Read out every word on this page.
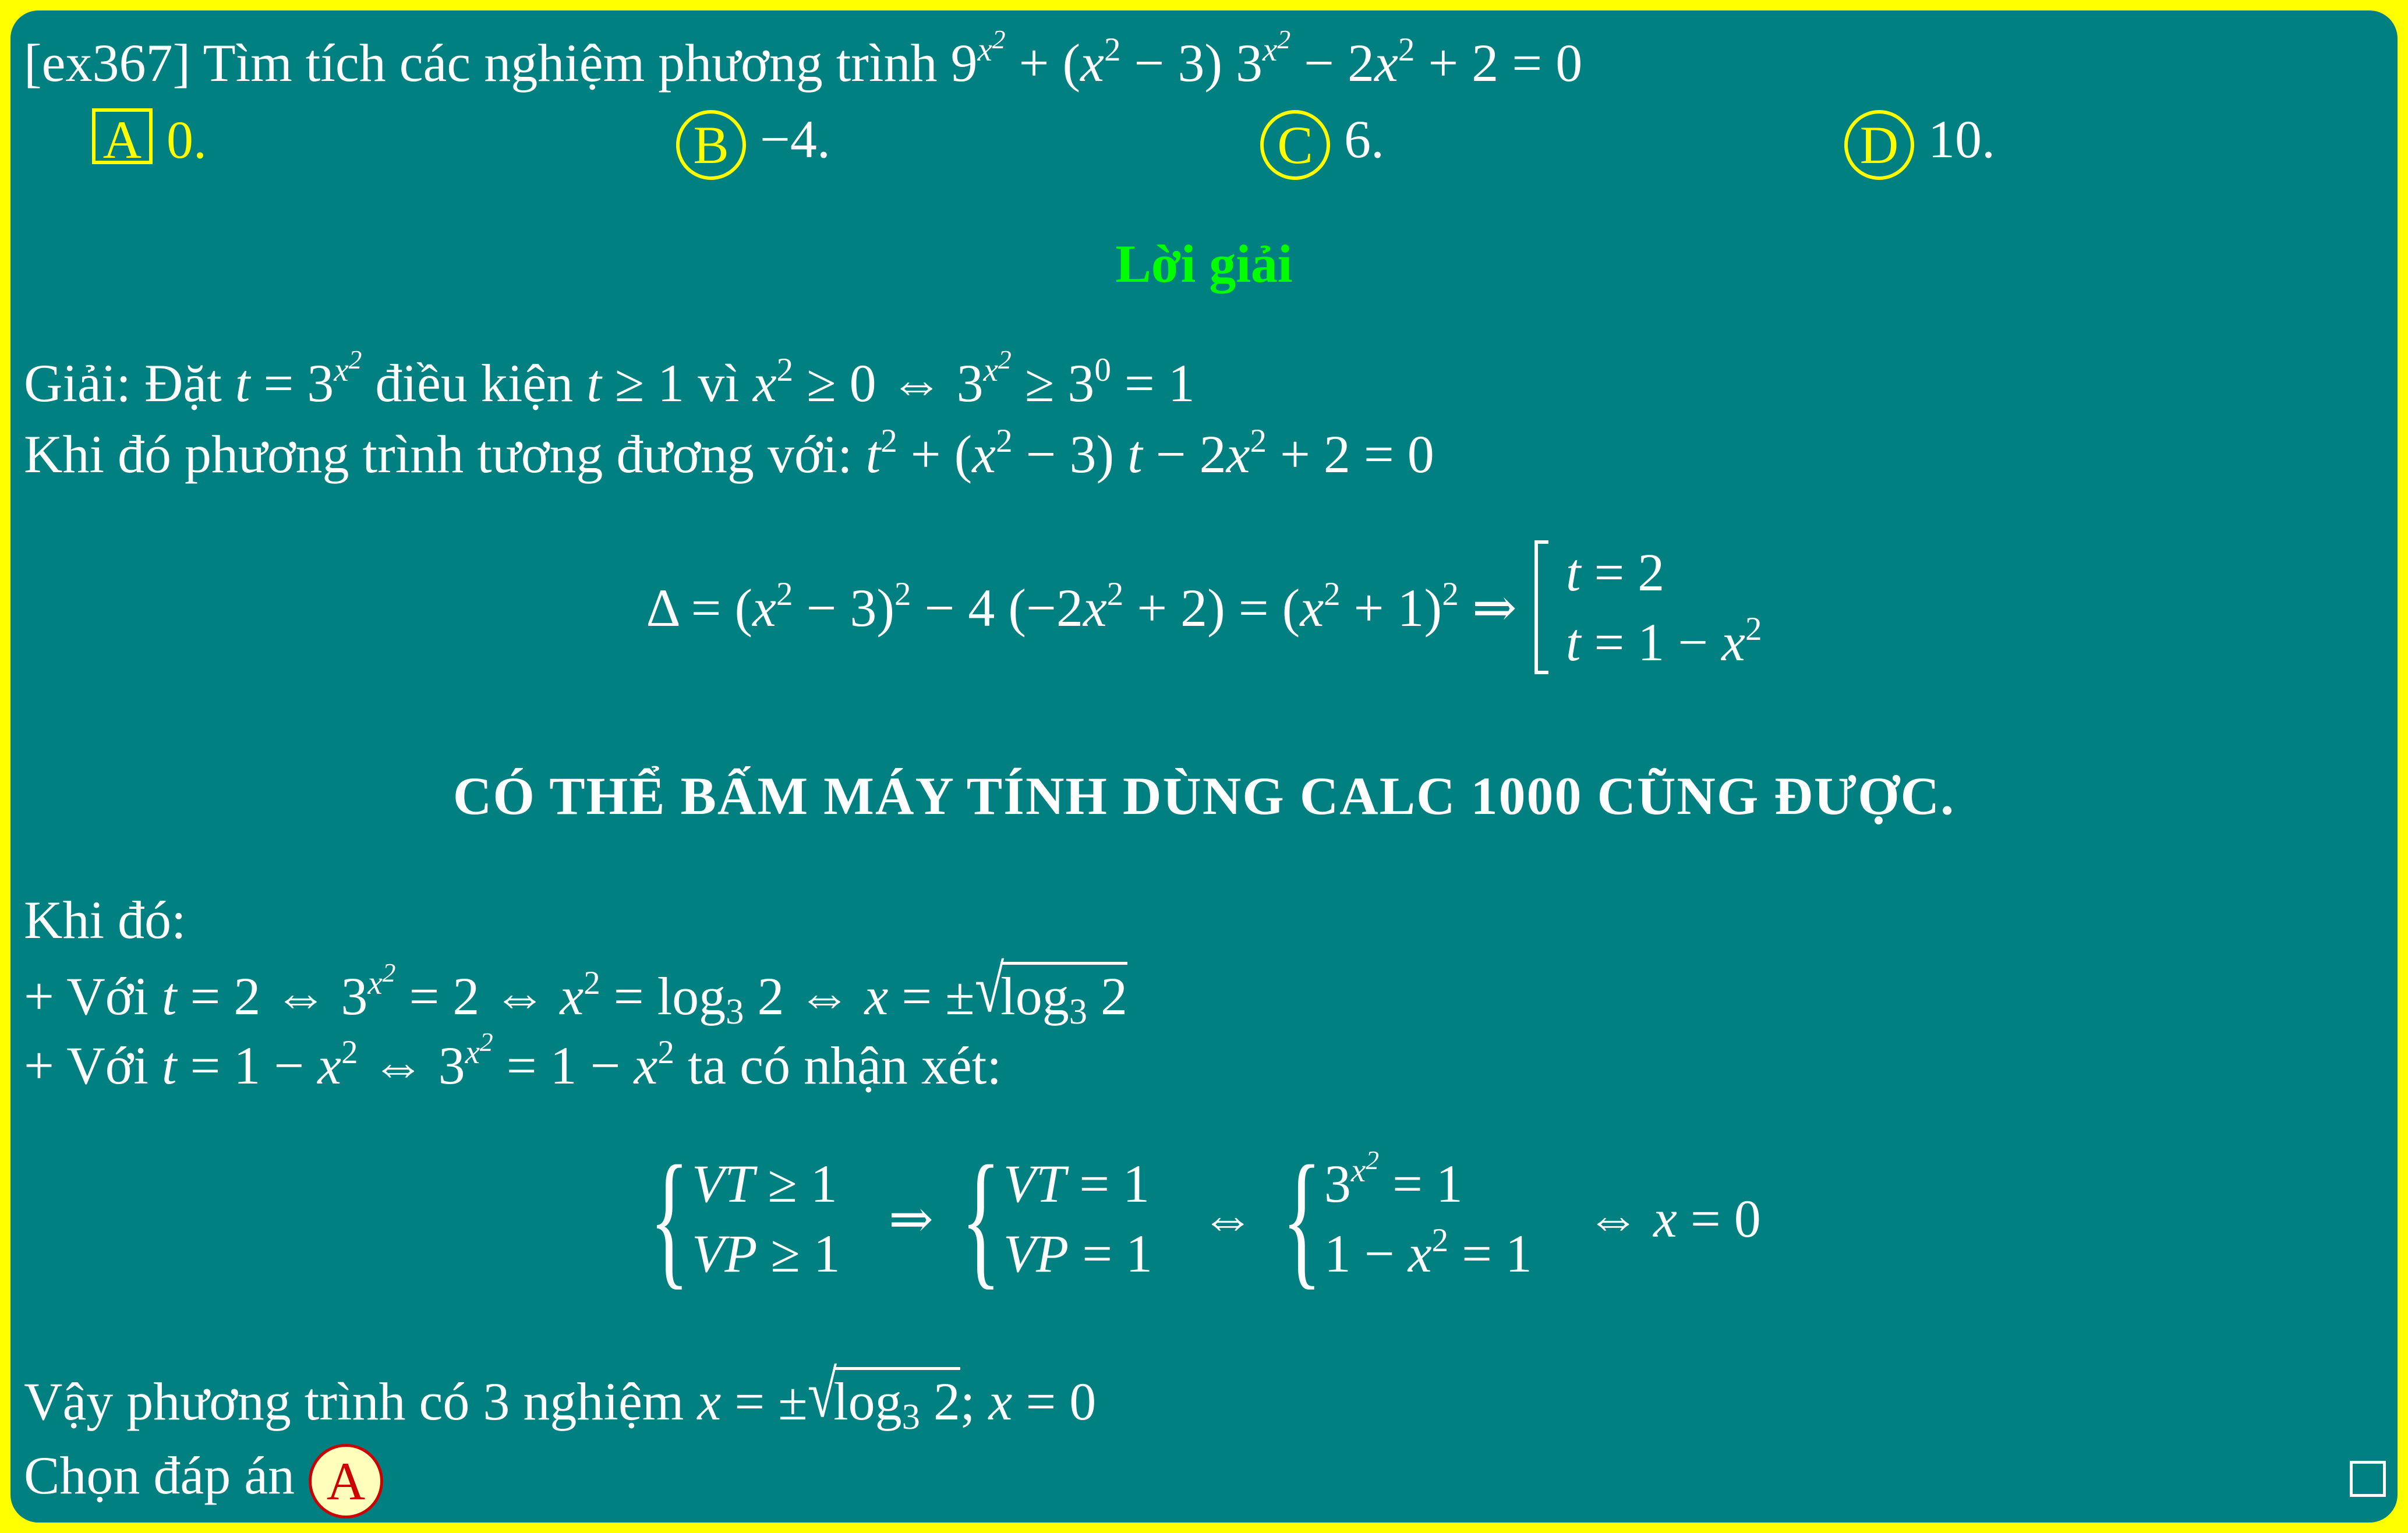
[ex367] Tìm tích các nghiệm phương trình $9^{x^2} + (x^2 - 3) 3^{x^2} - 2x^2 + 2 = 0$
A 0.	B −4.	C 6.	D 10.
Lời giải
Giải: Đặt $t = 3^{x^2}$ điều kiện t ≥ 1 vì $x^2 \ge 0$ ⇔ $3^{x^2} \ge 3^0 = 1$
Khi đó phương trình tương đương với: $t^2 + (x^2 - 3) t - 2x^2 + 2 = 0$
$\Delta = (x^2 - 3)^2 - 4$ $(-2x^2 + 2) = (x^2 + 1)^2$ ⇒
t = 2
$t = 1 - x^2$
CÓ THỂ BẤM MÁY TÍNH DÙNG CALC 1000 CŨNG ĐƯỢC.
Khi đó:
+ Với t = 2 ⇔ $3^{x^2} = 2$ ⇔ $x^2 = \log_3 2$ ⇔ $x = \pm√\log_3$ 2
+ Với $t = 1 - x^2$ ⇔ $3^{x^2} = 1 - x^2$ ta có nhận xét:
{ VT ≥ 1
VP ≥ 1
⇒ { VT = 1
VP = 1
⇔ { $3^{x^2} = 1$
$1 - x^2 = 1$
⇔ x = 0
Vậy phương trình có 3 nghiệm $x = \pm√\log_3$ 2; x = 0
Chọn đáp án A
